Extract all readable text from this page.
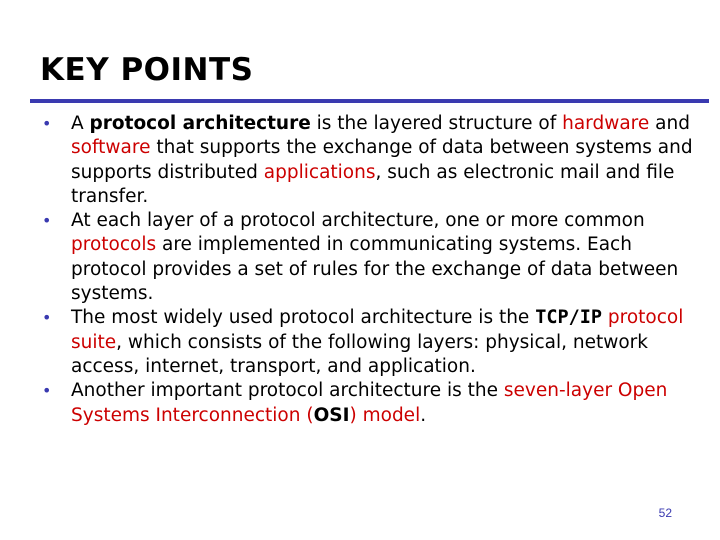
KEY POINTS
• A protocol architecture is the layered structure of hardware and software that supports the exchange of data between systems and supports distributed applications, such as electronic mail and file transfer.
• At each layer of a protocol architecture, one or more common protocols are implemented in communicating systems. Each protocol provides a set of rules for the exchange of data between systems.
• The most widely used protocol architecture is the TCP/IP protocol suite, which consists of the following layers: physical, network access, internet, transport, and application.
• Another important protocol architecture is the seven-layer Open Systems Interconnection (OSI) model.
52
